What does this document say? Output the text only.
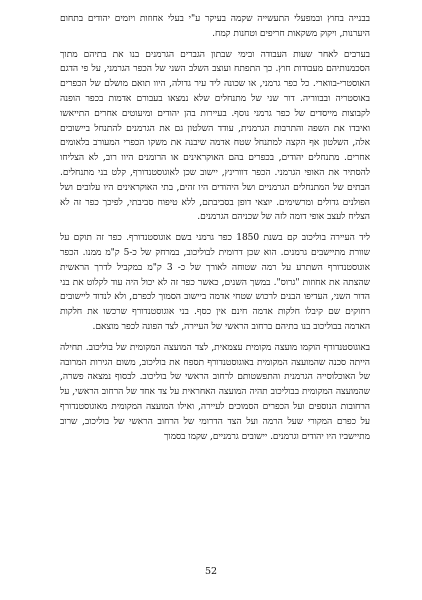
בבנייה בחוץ ובמפעלי התעשייה שקמה בעיקר ע"י בעלי אחוזות ויזמים יהודים בתחום היערנות, ויקוק משקאות חריפים וטחנות קמח.

בערבים לאחר שעות העבודה ובימי שבתון הגברים הגרמנים בנו את בתיהם מתוך הסכמנותיהם מעבודות חוץ. כך התפתח ועוצב השלב השני של הכפר הגרמני, על פי הדגם האוסטרי-בווארי. כל כפר גרמני, או שכונה ליד עיר גדולה, היוו תואם מושלם של הכפרים באוסטריה ובבווריה. דור שני של מתנחלים שלא נמצאו בעבורם אדמות בכפר הופנה לקבוצות מייסדים של כפר גרמני נוסף. בעיירות בהן יהודים ומיעוטים אחרים התייאשו ואיבדו את השפה והתרבות הגרמנית, עודד השלטון גם את הגרמנים להתנחל ביישובים אלה, השלטון אף הקצה למתנחל שטח אדמה שיבנה את משקו הכפרי המעורב בלאומים אחרים. מתנחלים יהודים, בכפרים בהם האוקראינים או הרומנים היוו רוב, לא הצליחו להסתיר את האופי הגרמני. הכפר דוורינץ, יישוב שכן לאוגוסטנדורף, קלט בני מתנחלים. הבתים של המתנחלים הגרמניים ושל היהודים היו זהים, בתי האוקראינים היו עלובים ושל הפולנים גדולים ומרשימים. יוצאי דופן בסביבתם, ללא טיפוח סביבתי, לפיכך כפר זה לא הצליח לעצב אופי דומה לזה של שכניהם הגרמנים.

ליד העיירה בוליכוב קם בשנת 1850 כפר גרמני בשם אוגוסטנדורף. כפר זה תוקם על שוורת מתיישבים גרמנים. הוא שכן דרומית לבוליכוב, במרחק של כ-5 ק"מ ממנו. הכפר אוגוסטנדורף השתרע על רמה שטוחה לאורך של כ- 3 ק"מ במקביל לדרך הראשית שהצתה את אחוזות "גרוס". במשך השנים, כאשר כפר זה לא יכול היה עוד לקלוט את בני הדור השני, העדיפו הבנים לרכוש שטחי אדמה ביישוב הסמוך לכפרם, ולא לנדוד ליישובים רחוקים שם קיבלו חלקות אדמה חינם אין כסף. בני אוגוסטנדורף שרכשו את חלקות האדמה בבוליכוב בנו בתיהם ברחוב הראשי של העיירה, לצד הפונה לכפר מוצאם.

באוגוסטנדורף הוקמו מועצה מקומית עצמאית, לצד המועצה המקומית של בוליכוב. תחילה הייתה סכנה שהמועצה המקומית באוגוסטנדורף תספח את בוליכוב, משום הגירות המרובה של האוכלוסייה הגרמנית והתפשטותם לרחוב הראשי של בוליכוב. לבסוף נמצאה פשרה, שהמועצה המקומית בבוליכוב תהיה המועצה האחראית על צד אחד של הרחוב הראשי, על הרחובות הנוספים ועל הכפרים הסמוכים לעיירה, ואילו המועצה המקומית מאוגוסטנדורף על כפרם המקורי שעל הרמה ועל הצד הדרומי של הרחוב הראשי של בוליכוב, שרוב מתיישביו היו יהודים וגרמנים. יישובים גרמניים, שקמו בסמוך

52
